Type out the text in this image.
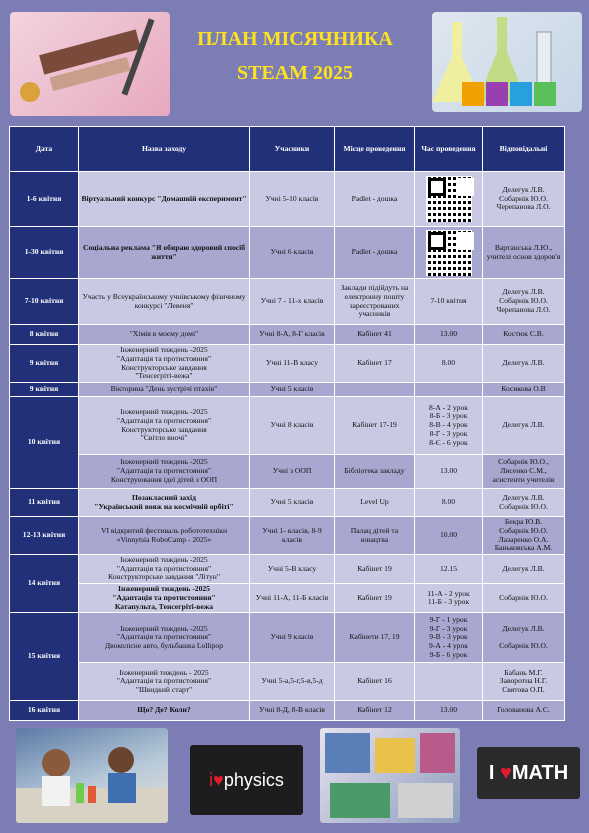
ПЛАН МІСЯЧНИКА
STEAM 2025
Дата	Назва заходу	Учасники	Місце проведення	Час проведення	Відповідальні
1-6 квітня	Віртуальний конкурс "Домашній експеримент"	Учні 5-10 класів	Padlet - дошка		Делегук Л.В.
Собарнік Ю.О.
Черепанова Л.О.
1-30 квітня	Соціальна реклама "Я обираю здоровий спосіб життя"	Учні 6 класів	Padlet - дошка		Вартанська Л.Ю., учителі основ здоров'я
7-10 квітня	Участь у Всеукраїнському учнівському фізичному конкурсі "Левеня"	Учні 7 - 11-х класів	Заклади підійдуть на електронну пошту зареєстрованих учасників	7-10 квітня	Делегук Л.В.
Собарнік Ю.О.
Черепанова Л.О.
8 квітня	"Хімія в моєму домі"	Учні 8-А, 8-Г класів	Кабінет 41	13.00	Костюк С.В.
9 квітня	Інженерний тиждень -2025
"Адаптація та протистояння"
Конструкторське завдання
"Тенсегріті-вежа"	Учні 11-В класу	Кабінет 17	8.00	Делегук Л.В.
9 квітня	Вікторина "День зустрічі птахів"	Учні 5 класів			Косикова О.В
10 квітня	Інженерний тиждень -2025
"Адаптація та протистояння"
Конструкторське завдання
"Світло вночі"	Учні 8 класів	Кабінет 17-19	8-А - 2 урок
8-Б - 3 урок
8-В - 4 урок
8-Г - 3 урок
8-Є - 6 урок	Делегук Л.В.
	Інженерний тиждень -2025
"Адаптація та протистояння"
Конструювання ідеї дітей з ООП	Учні з ООП	Бібліотека закладу	13.00	Собарнік Ю.О., Лисенко С.М., асистенти учителів
11 квітня	Позакласний захід
"Український вояж на космічній орбіті"	Учні 5 класів	Level Up	8.00	Делегук Л.В.
Собарнік Ю.О.
12-13 квітня	VI відкритий фестиваль робототехніки
«Vinnytsia RoboCamp - 2025»	Учні 1- класів, 8-9 класів	Палац дітей та юнацтва	10.00	Бекра Ю.В.
Собарнік Ю.О.
Лазаренко О.А.
Баньковська А.М.
14 квітня	Інженерний тиждень -2025
"Адаптація та протистояння"
Конструкторське завдання "Літун"	Учні 5-В класу	Кабінет 19	12.15	Делегук Л.В.
	Інженерний тиждень -2025
"Адаптація та протистояння"
Катапульта, Тенсегріті-вежа	Учні 11-А, 11-Б класів	Кабінет 19	11-А - 2 урок
11-Б - 3 урок	Собарнік Ю.О.
15 квітня	Інженерний тиждень -2025
"Адаптація та протистояння"
Двоколісне авто, бульбашка Lollipop	Учні 9 класів	Кабінети 17, 19	9-Г - 1 урок
9-Г - 3 урок
9-В - 3 урок
9-А - 4 урок
9-Б - 6 урок	Делегук Л.В.

Собарнік Ю.О.
	Інженерний тиждень - 2025
"Адаптація та протистояння"
"Швидкий старт"	Учні 5-а,5-г,5-в,5-д	Кабінет 16		Бабань М.Г.
Заворотна Н.Г.
Святова О.П.
16 квітня	Що? Де? Коли?	Учні 8-Д, 8-В класів	Кабінет 12	13.00	Голованова А.С.
i♥ physics	I ♥ MATH
